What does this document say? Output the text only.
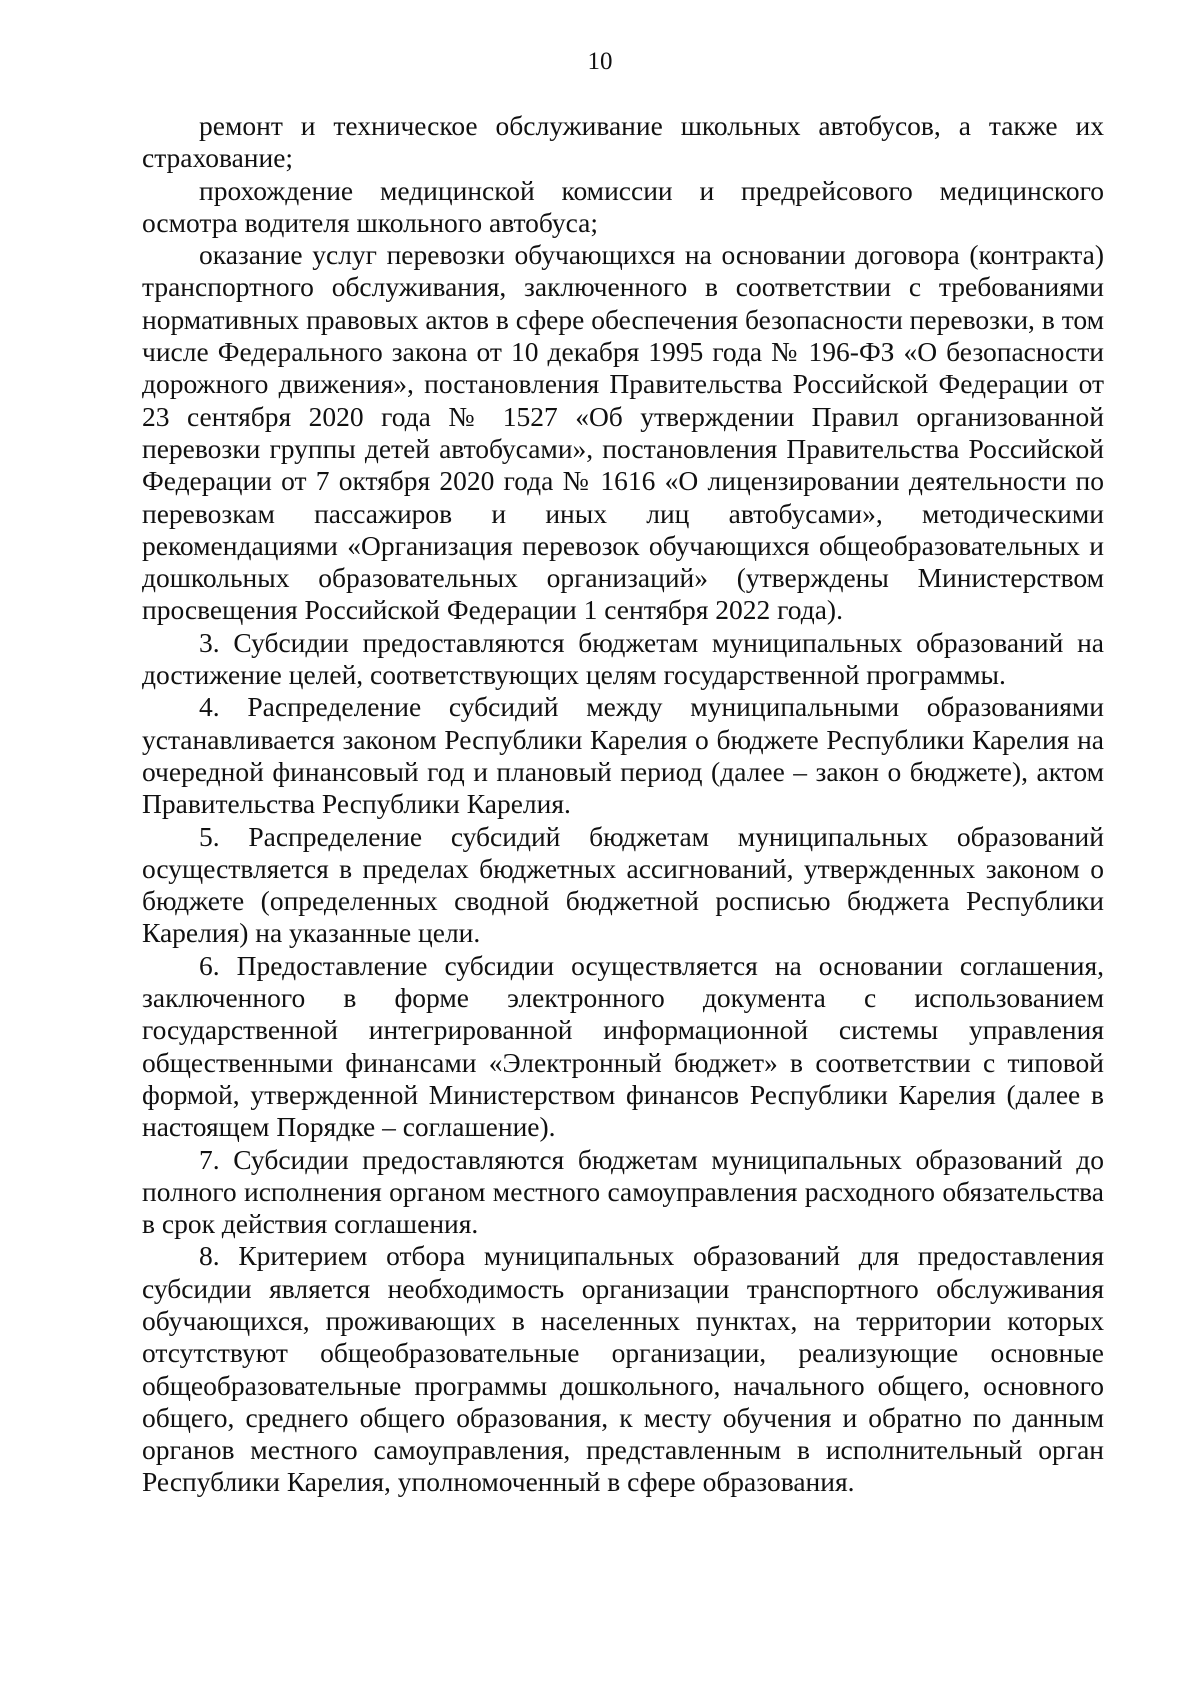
10

ремонт и техническое обслуживание школьных автобусов, а также их страхование;

прохождение медицинской комиссии и предрейсового медицинского осмотра водителя школьного автобуса;

оказание услуг перевозки обучающихся на основании договора (контракта) транспортного обслуживания, заключенного в соответствии с требованиями нормативных правовых актов в сфере обеспечения безопасности перевозки, в том числе Федерального закона от 10 декабря 1995 года № 196-ФЗ «О безопасности дорожного движения», постановления Правительства Российской Федерации от 23 сентября 2020 года № 1527 «Об утверждении Правил организованной перевозки группы детей автобусами», постановления Правительства Российской Федерации от 7 октября 2020 года № 1616 «О лицензировании деятельности по перевозкам пассажиров и иных лиц автобусами», методическими рекомендациями «Организация перевозок обучающихся общеобразовательных и дошкольных образовательных организаций» (утверждены Министерством просвещения Российской Федерации 1 сентября 2022 года).

3. Субсидии предоставляются бюджетам муниципальных образований на достижение целей, соответствующих целям государственной программы.

4. Распределение субсидий между муниципальными образованиями устанавливается законом Республики Карелия о бюджете Республики Карелия на очередной финансовый год и плановый период (далее – закон о бюджете), актом Правительства Республики Карелия.

5. Распределение субсидий бюджетам муниципальных образований осуществляется в пределах бюджетных ассигнований, утвержденных законом о бюджете (определенных сводной бюджетной росписью бюджета Республики Карелия) на указанные цели.

6. Предоставление субсидии осуществляется на основании соглашения, заключенного в форме электронного документа с использованием государственной интегрированной информационной системы управления общественными финансами «Электронный бюджет» в соответствии с типовой формой, утвержденной Министерством финансов Республики Карелия (далее в настоящем Порядке – соглашение).

7. Субсидии предоставляются бюджетам муниципальных образований до полного исполнения органом местного самоуправления расходного обязательства в срок действия соглашения.

8. Критерием отбора муниципальных образований для предоставления субсидии является необходимость организации транспортного обслуживания обучающихся, проживающих в населенных пунктах, на территории которых отсутствуют общеобразовательные организации, реализующие основные общеобразовательные программы дошкольного, начального общего, основного общего, среднего общего образования, к месту обучения и обратно по данным органов местного самоуправления, представленным в исполнительный орган Республики Карелия, уполномоченный в сфере образования.
